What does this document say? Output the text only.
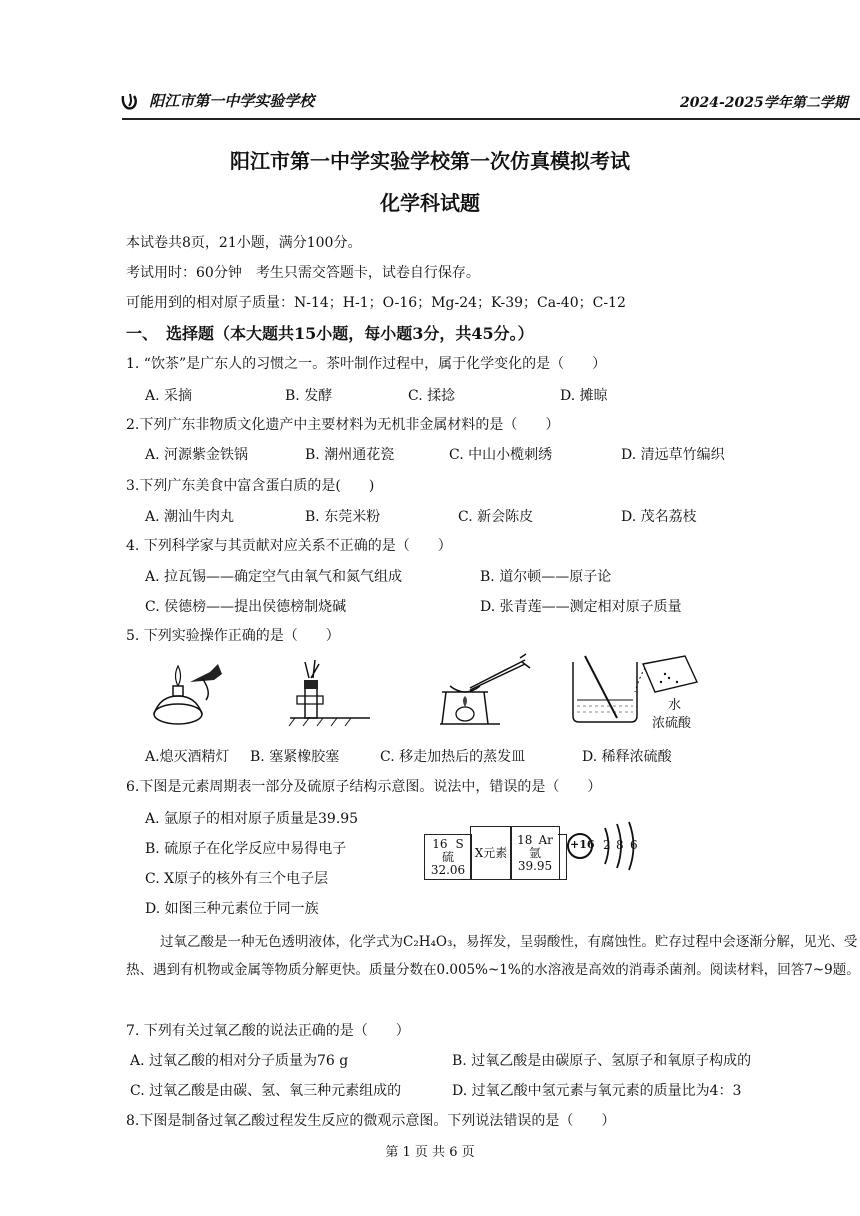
阳江市第一中学实验学校	2024-2025学年第二学期
阳江市第一中学实验学校第一次仿真模拟考试
化学科试题
本试卷共8页，21小题，满分100分。
考试用时：60分钟　考生只需交答题卡，试卷自行保存。
可能用到的相对原子质量：N-14；H-1；O-16；Mg-24；K-39；Ca-40；C-12
一、　选择题（本大题共15小题，每小题3分，共45分。）
1. “饮茶”是广东人的习惯之一。茶叶制作过程中，属于化学变化的是（　　）
A. 采摘	B. 发酵	C. 揉捻	D. 摊晾
2.下列广东非物质文化遗产中主要材料为无机非金属材料的是（　　）
A. 河源紫金铁锅	B. 潮州通花瓷	C. 中山小榄刺绣	D. 清远草竹编织
3.下列广东美食中富含蛋白质的是(　　)
A. 潮汕牛肉丸	B. 东莞米粉	C. 新会陈皮	D. 茂名荔枝
4. 下列科学家与其贡献对应关系不正确的是（　　）
A. 拉瓦锡——确定空气由氧气和氮气组成	B. 道尔顿——原子论
C. 侯德榜——提出侯德榜制烧碱	D. 张青莲——测定相对原子质量
5. 下列实验操作正确的是（　　）
水
浓硫酸
A.熄灭酒精灯 B. 塞紧橡胶塞	C. 移走加热后的蒸发皿	D. 稀释浓硫酸
6.下图是元素周期表一部分及硫原子结构示意图。说法中，错误的是（　　）
A. 氩原子的相对原子质量是39.95
B. 硫原子在化学反应中易得电子
C. X原子的核外有三个电子层
D. 如图三种元素位于同一族
16 S
硫
32.06
X元素
18 Ar
氩
39.95
+16 2 8 6
过氧乙酸是一种无色透明液体，化学式为C₂H₄O₃，易挥发，呈弱酸性，有腐蚀性。贮存过程中会逐渐分解，见光、受热、遇到有机物或金属等物质分解更快。质量分数在0.005%~1%的水溶液是高效的消毒杀菌剂。阅读材料，回答7~9题。
7. 下列有关过氧乙酸的说法正确的是（　　）
A. 过氧乙酸的相对分子质量为76 g	B. 过氧乙酸是由碳原子、氢原子和氧原子构成的
C. 过氧乙酸是由碳、氢、氧三种元素组成的	D. 过氧乙酸中氢元素与氧元素的质量比为4：3
8.下图是制备过氧乙酸过程发生反应的微观示意图。下列说法错误的是（　　）
第 1 页 共 6 页
